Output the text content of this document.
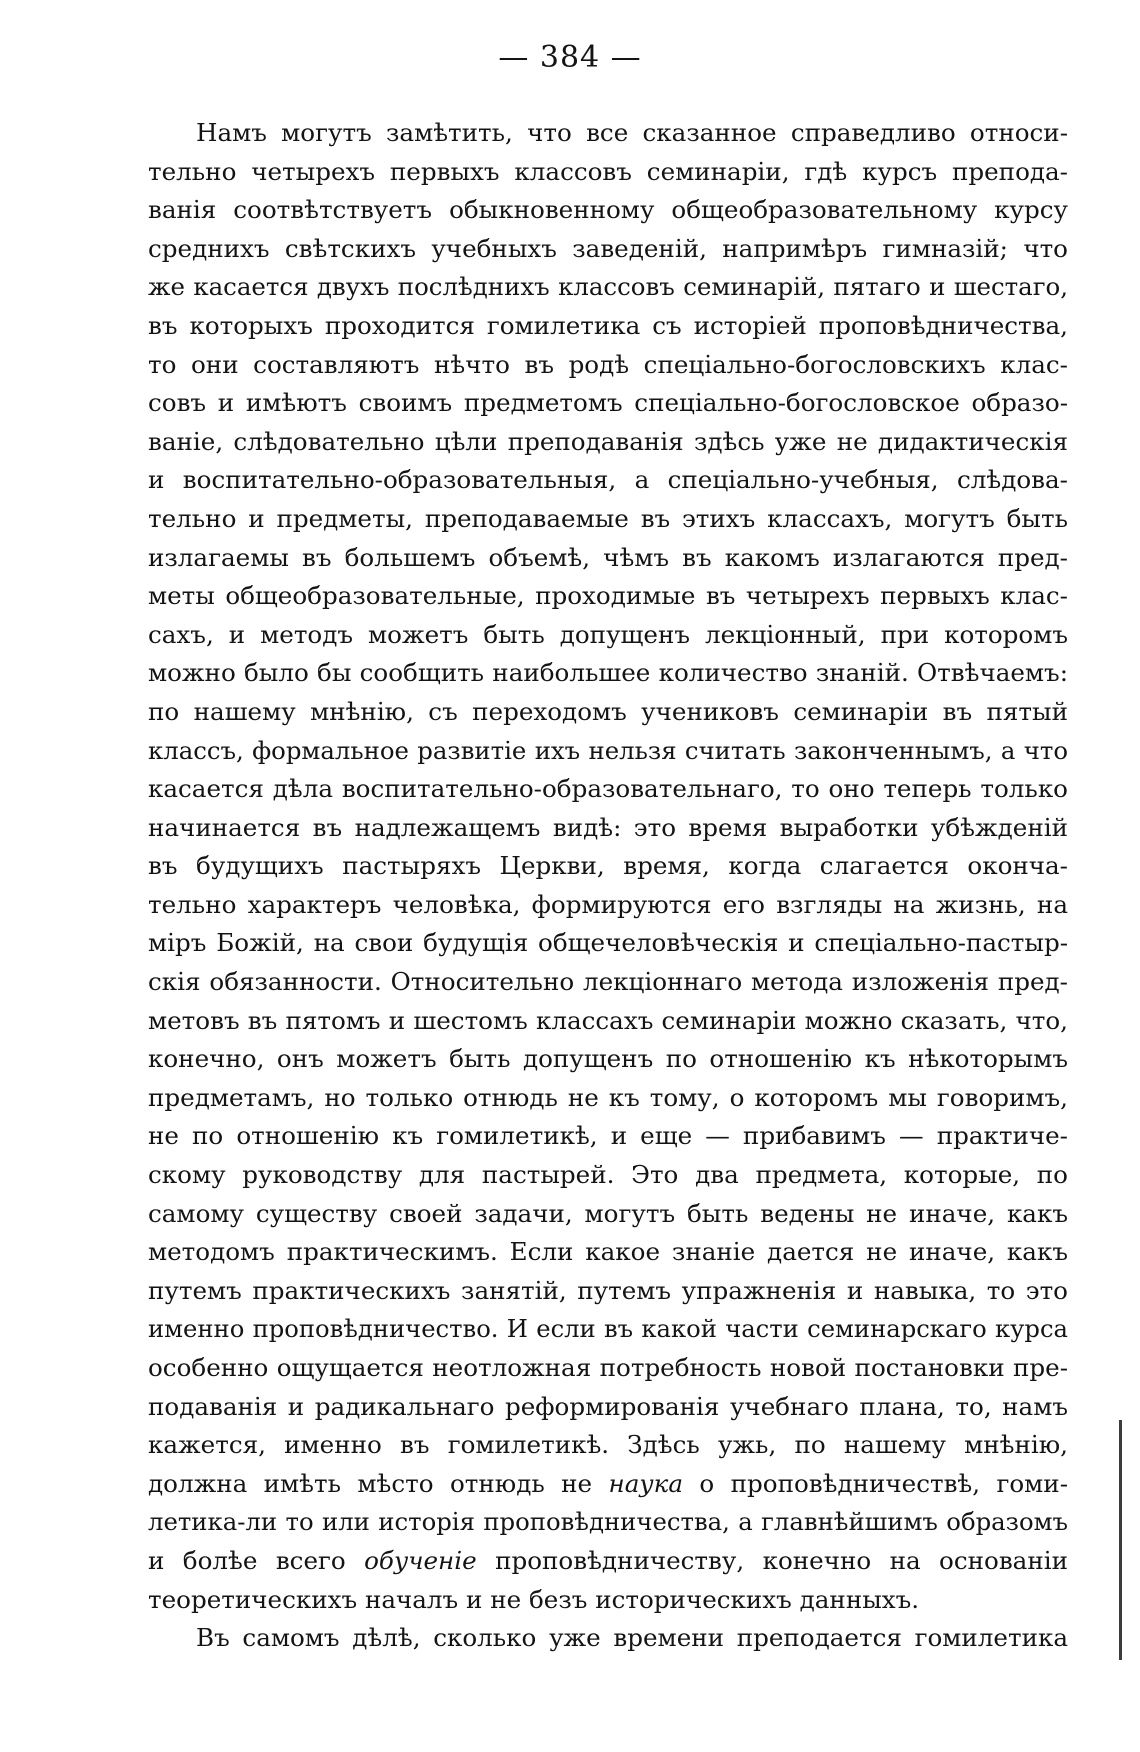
— 384 —
Намъ могутъ замѣтить, что все сказанное справедливо относи-
тельно четырехъ первыхъ классовъ семинаріи, гдѣ курсъ препода-
ванія соотвѣтствуетъ обыкновенному общеобразовательному курсу
среднихъ свѣтскихъ учебныхъ заведеній, напримѣръ гимназій; что
же касается двухъ послѣднихъ классовъ семинарій, пятаго и шестаго,
въ которыхъ проходится гомилетика съ исторіей проповѣдничества,
то они составляютъ нѣчто въ родѣ спеціально-богословскихъ клас-
совъ и имѣютъ своимъ предметомъ спеціально-богословское образо-
ваніе, слѣдовательно цѣли преподаванія здѣсь уже не дидактическія
и воспитательно-образовательныя, а спеціально-учебныя, слѣдова-
тельно и предметы, преподаваемые въ этихъ классахъ, могутъ быть
излагаемы въ большемъ объемѣ, чѣмъ въ какомъ излагаются пред-
меты общеобразовательные, проходимые въ четырехъ первыхъ клас-
сахъ, и методъ можетъ быть допущенъ лекціонный, при которомъ
можно было бы сообщить наибольшее количество знаній. Отвѣчаемъ:
по нашему мнѣнію, съ переходомъ учениковъ семинаріи въ пятый
классъ, формальное развитіе ихъ нельзя считать законченнымъ, а что
касается дѣла воспитательно-образовательнаго, то оно теперь только
начинается въ надлежащемъ видѣ: это время выработки убѣжденій
въ будущихъ пастыряхъ Церкви, время, когда слагается оконча-
тельно характеръ человѣка, формируются его взгляды на жизнь, на
міръ Божій, на свои будущія общечеловѣческія и спеціально-пастыр-
скія обязанности. Относительно лекціоннаго метода изложенія пред-
метовъ въ пятомъ и шестомъ классахъ семинаріи можно сказать, что,
конечно, онъ можетъ быть допущенъ по отношенію къ нѣкоторымъ
предметамъ, но только отнюдь не къ тому, о которомъ мы говоримъ,
не по отношенію къ гомилетикѣ, и еще — прибавимъ — практиче-
скому руководству для пастырей. Это два предмета, которые, по
самому существу своей задачи, могутъ быть ведены не иначе, какъ
методомъ практическимъ. Если какое знаніе дается не иначе, какъ
путемъ практическихъ занятій, путемъ упражненія и навыка, то это
именно проповѣдничество. И если въ какой части семинарскаго курса
особенно ощущается неотложная потребность новой постановки пре-
подаванія и радикальнаго реформированія учебнаго плана, то, намъ
кажется, именно въ гомилетикѣ. Здѣсь ужь, по нашему мнѣнію,
должна имѣть мѣсто отнюдь не наука о проповѣдничествѣ, гоми-
летика-ли то или исторія проповѣдничества, а главнѣйшимъ образомъ
и болѣе всего обученіе проповѣдничеству, конечно на основаніи
теоретическихъ началъ и не безъ историческихъ данныхъ.
Въ самомъ дѣлѣ, сколько уже времени преподается гомилетика
